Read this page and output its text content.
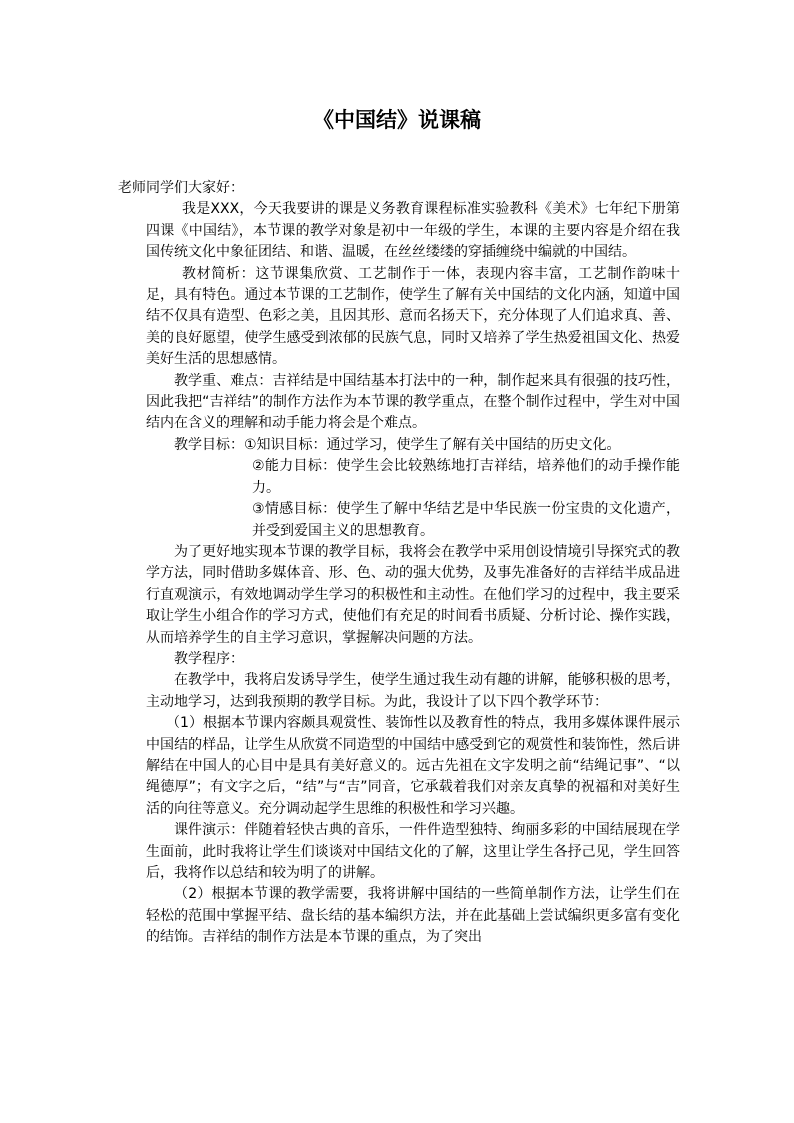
《中国结》说课稿

老师同学们大家好：

我是XXX，今天我要讲的课是义务教育课程标准实验教科《美术》七年纪下册第四课《中国结》，本节课的教学对象是初中一年级的学生，本课的主要内容是介绍在我国传统文化中象征团结、和谐、温暖，在丝丝缕缕的穿插缠绕中编就的中国结。

教材简析：这节课集欣赏、工艺制作于一体，表现内容丰富，工艺制作韵味十足，具有特色。通过本节课的工艺制作，使学生了解有关中国结的文化内涵，知道中国结不仅具有造型、色彩之美，且因其形、意而名扬天下，充分体现了人们追求真、善、美的良好愿望，使学生感受到浓郁的民族气息，同时又培养了学生热爱祖国文化、热爱美好生活的思想感情。

教学重、难点：吉祥结是中国结基本打法中的一种，制作起来具有很强的技巧性，因此我把“吉祥结”的制作方法作为本节课的教学重点，在整个制作过程中，学生对中国结内在含义的理解和动手能力将会是个难点。

教学目标： ①知识目标：通过学习，使学生了解有关中国结的历史文化。

②能力目标：使学生会比较熟练地打吉祥结，培养他们的动手操作能力。

③情感目标：使学生了解中华结艺是中华民族一份宝贵的文化遗产，并受到爱国主义的思想教育。

为了更好地实现本节课的教学目标，我将会在教学中采用创设情境引导探究式的教学方法，同时借助多媒体音、形、色、动的强大优势，及事先准备好的吉祥结半成品进行直观演示，有效地调动学生学习的积极性和主动性。在他们学习的过程中，我主要采取让学生小组合作的学习方式，使他们有充足的时间看书质疑、分析讨论、操作实践，从而培养学生的自主学习意识，掌握解决问题的方法。

教学程序：

在教学中，我将启发诱导学生，使学生通过我生动有趣的讲解，能够积极的思考，主动地学习，达到我预期的教学目标。为此，我设计了以下四个教学环节：

（1）根据本节课内容颇具观赏性、装饰性以及教育性的特点，我用多媒体课件展示中国结的样品，让学生从欣赏不同造型的中国结中感受到它的观赏性和装饰性，然后讲解结在中国人的心目中是具有美好意义的。远古先祖在文字发明之前“结绳记事”、“以绳德厚”；有文字之后，“结”与“吉”同音，它承载着我们对亲友真挚的祝福和对美好生活的向往等意义。充分调动起学生思维的积极性和学习兴趣。

课件演示：伴随着轻快古典的音乐，一件件造型独特、绚丽多彩的中国结展现在学生面前，此时我将让学生们谈谈对中国结文化的了解，这里让学生各抒己见，学生回答后，我将作以总结和较为明了的讲解。

（2）根据本节课的教学需要，我将讲解中国结的一些简单制作方法，让学生们在轻松的范围中掌握平结、盘长结的基本编织方法，并在此基础上尝试编织更多富有变化的结饰。吉祥结的制作方法是本节课的重点，为了突出
